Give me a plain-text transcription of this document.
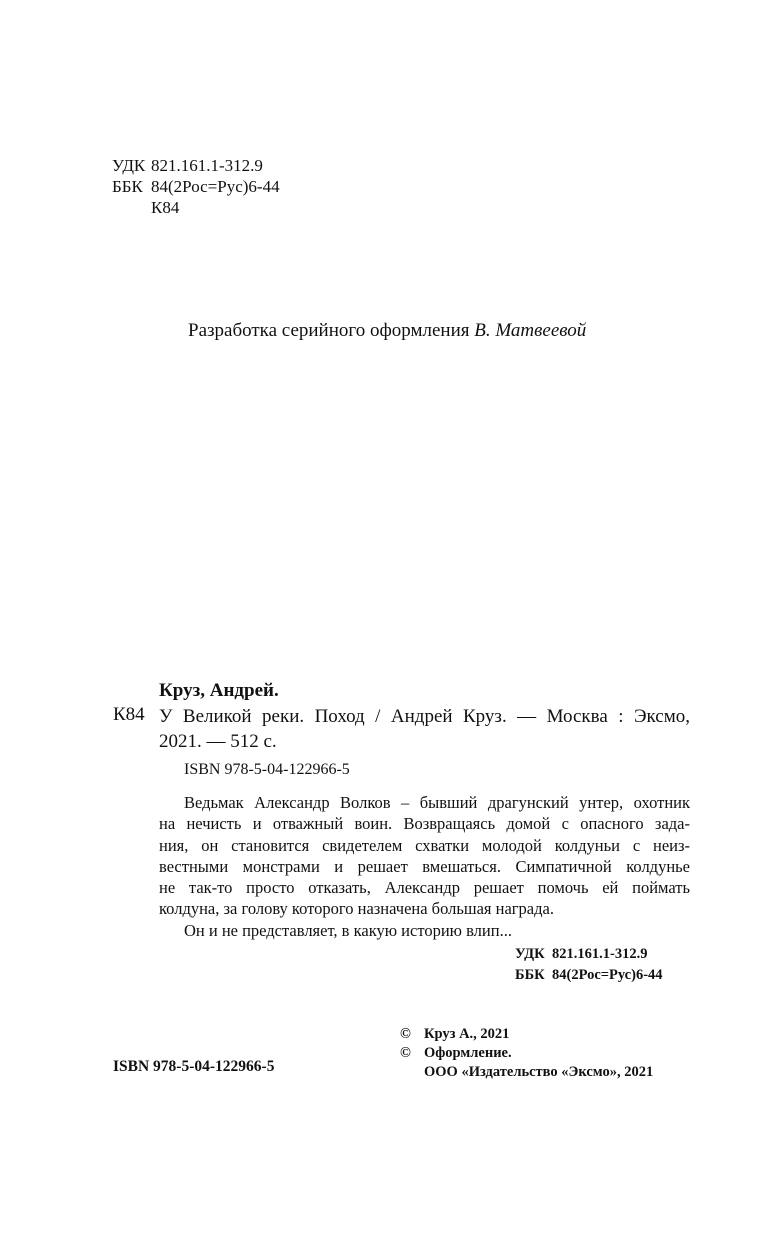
УДК 821.161.1-312.9
ББК 84(2Рос=Рус)6-44
К84
Разработка серийного оформления В. Матвеевой
Круз, Андрей.
К84 У Великой реки. Поход / Андрей Круз. — Москва : Эксмо,
2021. — 512 с.
ISBN 978-5-04-122966-5
Ведьмак Александр Волков – бывший драгунский унтер, охотник
на нечисть и отважный воин. Возвращаясь домой с опасного зада-
ния, он становится свидетелем схватки молодой колдуньи с неиз-
вестными монстрами и решает вмешаться. Симпатичной колдунье
не так-то просто отказать, Александр решает помочь ей поймать
колдуна, за голову которого назначена большая награда.
Он и не представляет, в какую историю влип...
УДК 821.161.1-312.9
ББК 84(2Рос=Рус)6-44
© Круз А., 2021
© Оформление.
ООО «Издательство «Эксмо», 2021
ISBN 978-5-04-122966-5
